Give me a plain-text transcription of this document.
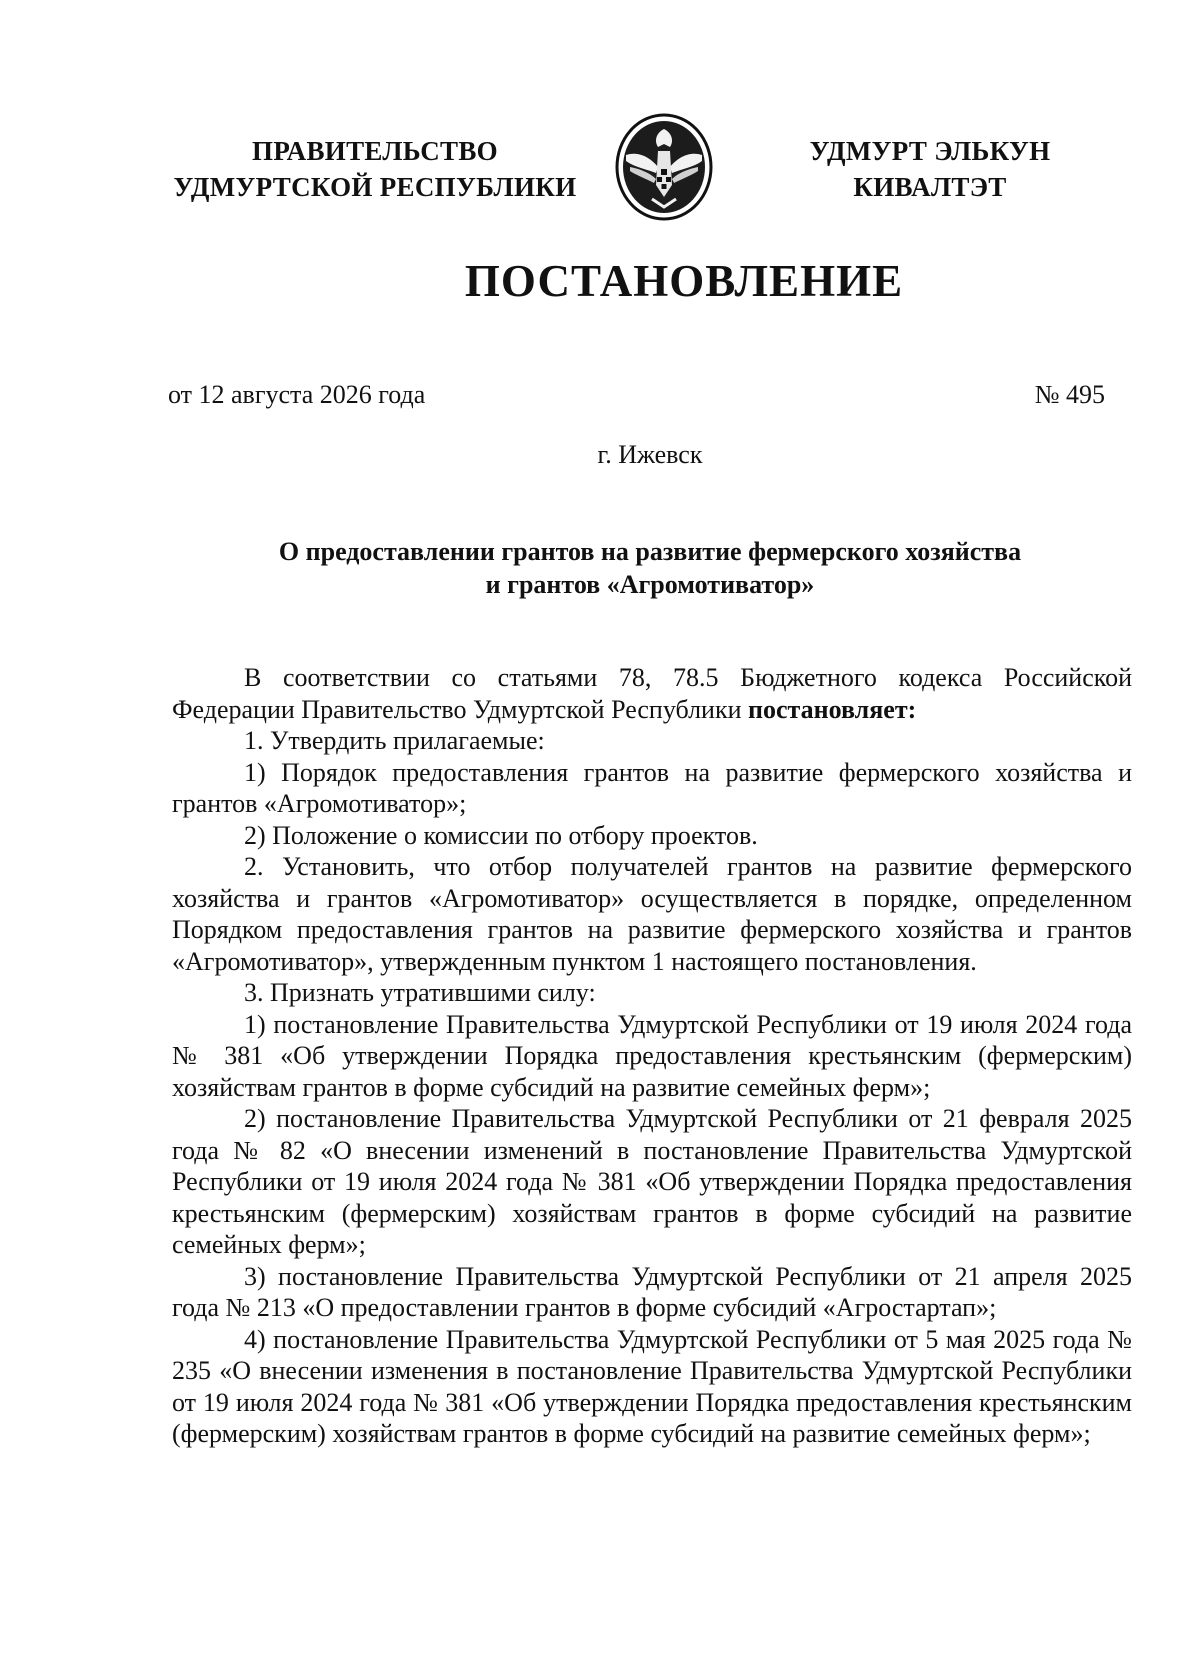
ПРАВИТЕЛЬСТВО
УДМУРТСКОЙ РЕСПУБЛИКИ
УДМУРТ ЭЛЬКУН
КИВАЛТЭТ
ПОСТАНОВЛЕНИЕ
от 12 августа 2026 года	№ 495
г. Ижевск
О предоставлении грантов на развитие фермерского хозяйства
и грантов «Агромотиватор»

В соответствии со статьями 78, 78.5 Бюджетного кодекса Российской Федерации Правительство Удмуртской Республики постановляет:

1. Утвердить прилагаемые:

1) Порядок предоставления грантов на развитие фермерского хозяйства и грантов «Агромотиватор»;

2) Положение о комиссии по отбору проектов.

2. Установить, что отбор получателей грантов на развитие фермерского хозяйства и грантов «Агромотиватор» осуществляется в порядке, определенном Порядком предоставления грантов на развитие фермерского хозяйства и грантов «Агромотиватор», утвержденным пунктом 1 настоящего постановления.

3. Признать утратившими силу:

1) постановление Правительства Удмуртской Республики от 19 июля 2024 года № 381 «Об утверждении Порядка предоставления крестьянским (фермерским) хозяйствам грантов в форме субсидий на развитие семейных ферм»;

2) постановление Правительства Удмуртской Республики от 21 февраля 2025 года № 82 «О внесении изменений в постановление Правительства Удмуртской Республики от 19 июля 2024 года № 381 «Об утверждении Порядка предоставления крестьянским (фермерским) хозяйствам грантов в форме субсидий на развитие семейных ферм»;

3) постановление Правительства Удмуртской Республики от 21 апреля 2025 года № 213 «О предоставлении грантов в форме субсидий «Агростартап»;

4) постановление Правительства Удмуртской Республики от 5 мая 2025 года № 235 «О внесении изменения в постановление Правительства Удмуртской Республики от 19 июля 2024 года № 381 «Об утверждении Порядка предоставления крестьянским (фермерским) хозяйствам грантов в форме субсидий на развитие семейных ферм»;
